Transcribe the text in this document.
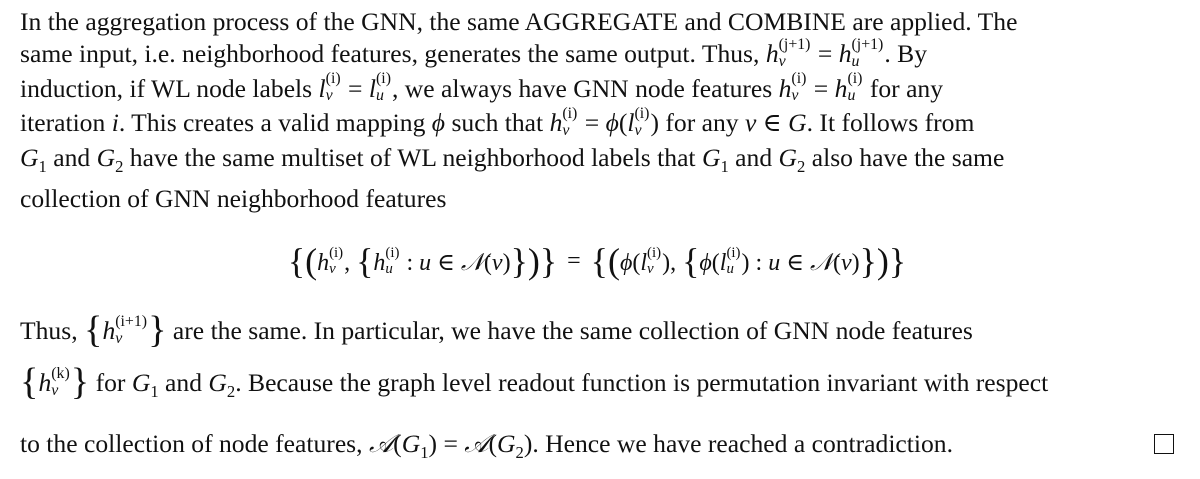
In the aggregation process of the GNN, the same AGGREGATE and COMBINE are applied. The
same input, i.e. neighborhood features, generates the same output. Thus, h (j+1)
v	= h (j+1)
u . By
induction, if WL node labels l (i)
v = l (i)
u , we always have GNN node features h (i)
v = h (i)
u for any
iteration i. This creates a valid mapping ϕ such that h (i)
v = ϕ(l (i)
v ) for any v ∈ G. It follows from
$G_1$ and $G_2$ have the same multiset of WL neighborhood labels that $G_1$ and $G_2$ also have the same
collection of GNN neighborhood features
{(h (i)
v , {h (i)
u : u ∈ 𝒩(v)})} = {(ϕ(l (i)
v ), {ϕ(l (i)
u ) : u ∈ 𝒩(v)})}
Thus, {h (i+1)
v } are the same. In particular, we have the same collection of GNN node features
{h (k)
v } for $G_1$ and $G_2$. Because the graph level readout function is permutation invariant with respect
to the collection of node features, $𝒜(G_1)$ = $𝒜(G_2)$. Hence we have reached a contradiction.
